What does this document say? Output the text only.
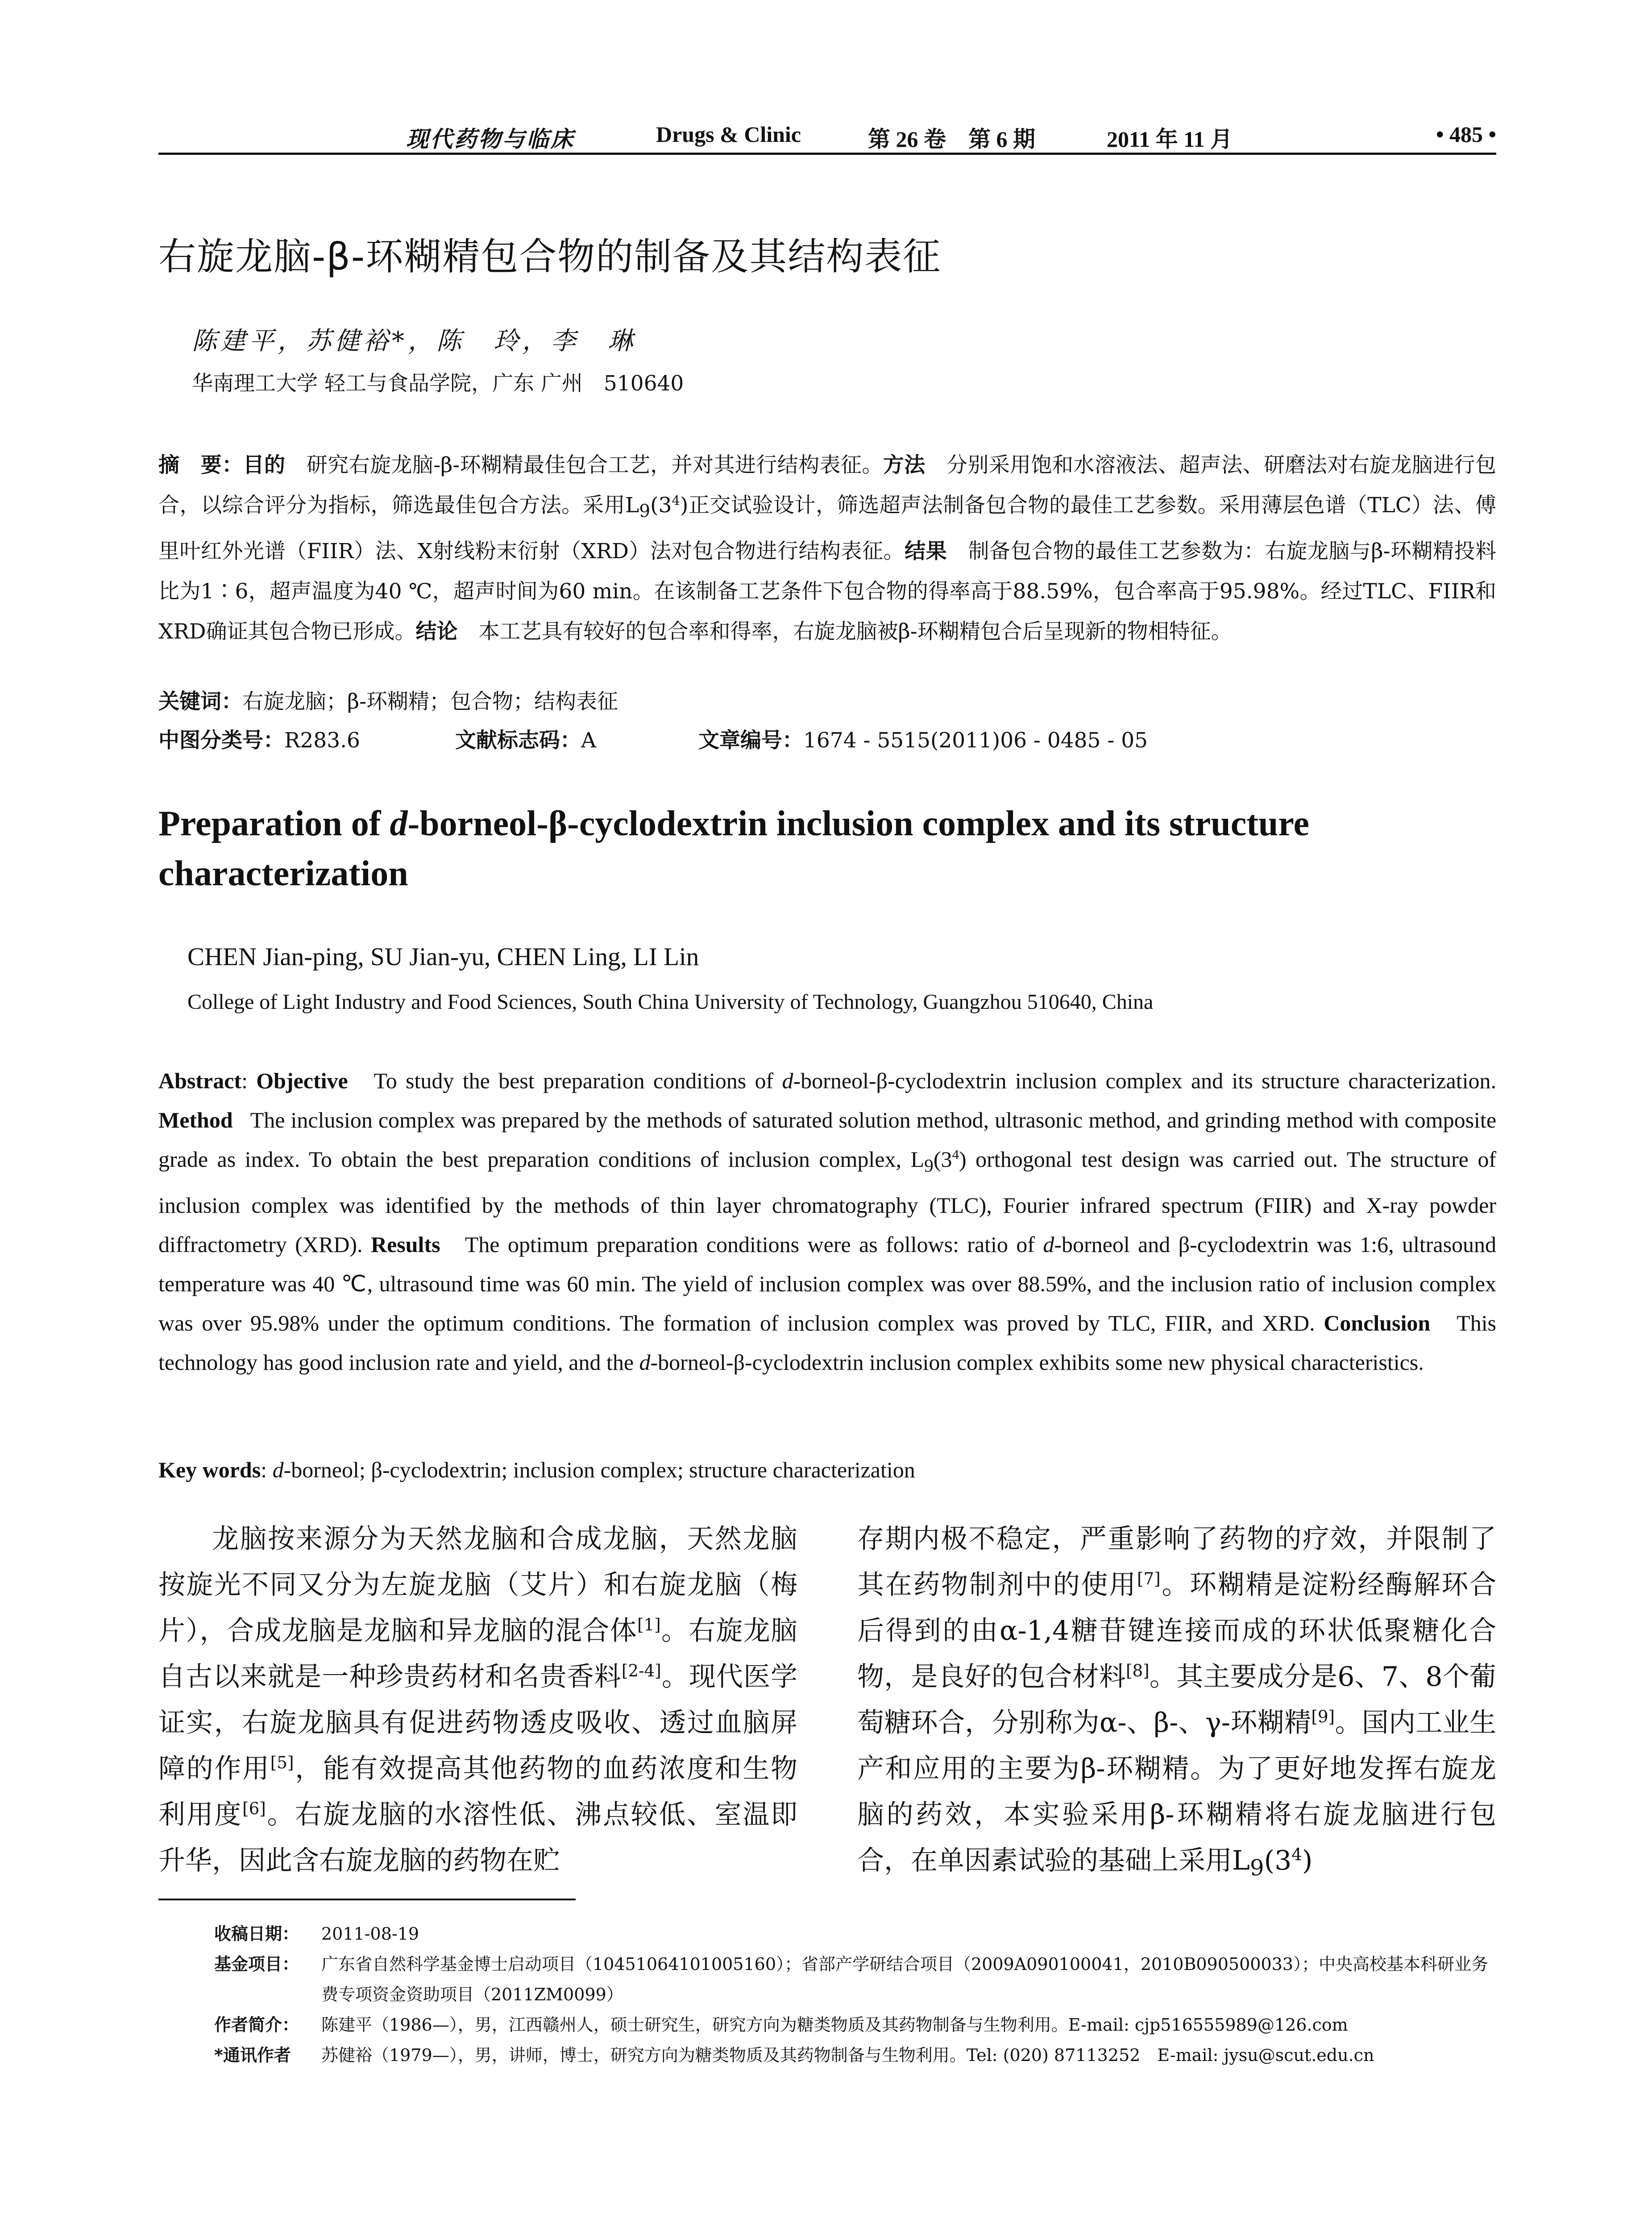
现代药物与临床	Drugs & Clinic	第 26 卷　第 6 期	2011 年 11 月	• 485 •
右旋龙脑-β-环糊精包合物的制备及其结构表征
陈建平，苏健裕*，陈　玲，李　琳
华南理工大学 轻工与食品学院，广东 广州　510640
摘　要：目的　 研究右旋龙脑-β-环糊精最佳包合工艺，并对其进行结构表征。方法　 分别采用饱和水溶液法、超声法、研磨法对右旋龙脑进行包合，以综合评分为指标，筛选最佳包合方法。采用$L_9(3^4)$正交试验设计，筛选超声法制备包合物的最佳工艺参数。采用薄层色谱（TLC）法、傅里叶红外光谱（FIIR）法、X射线粉末衍射（XRD）法对包合物进行结构表征。结果　 制备包合物的最佳工艺参数为：右旋龙脑与β-环糊精投料比为1∶6，超声温度为40 ℃，超声时间为60 min。在该制备工艺条件下包合物的得率高于88.59%，包合率高于95.98%。经过TLC、FIIR和XRD确证其包合物已形成。结论　 本工艺具有较好的包合率和得率，右旋龙脑被β-环糊精包合后呈现新的物相特征。
关键词：右旋龙脑；β-环糊精；包合物；结构表征
中图分类号：R283.6	文献标志码：A	文章编号：1674 - 5515(2011)06 - 0485 - 05
Preparation of d-borneol-β-cyclodextrin inclusion complex and its structure characterization
CHEN Jian-ping, SU Jian-yu, CHEN Ling, LI Lin
College of Light Industry and Food Sciences, South China University of Technology, Guangzhou 510640, China
Abstract: Objective To study the best preparation conditions of d-borneol-β-cyclodextrin inclusion complex and its structure characterization. Method The inclusion complex was prepared by the methods of saturated solution method, ultrasonic method, and grinding method with composite grade as index. To obtain the best preparation conditions of inclusion complex, $L_9(3^4)$ orthogonal test design was carried out. The structure of inclusion complex was identified by the methods of thin layer chromatography (TLC), Fourier infrared spectrum (FIIR) and X-ray powder diffractometry (XRD). Results The optimum preparation conditions were as follows: ratio of d-borneol and β-cyclodextrin was 1:6, ultrasound temperature was 40 ℃, ultrasound time was 60 min. The yield of inclusion complex was over 88.59%, and the inclusion ratio of inclusion complex was over 95.98% under the optimum conditions. The formation of inclusion complex was proved by TLC, FIIR, and XRD. Conclusion This technology has good inclusion rate and yield, and the d-borneol-β-cyclodextrin inclusion complex exhibits some new physical characteristics.
Key words: d-borneol; β-cyclodextrin; inclusion complex; structure characterization
龙脑按来源分为天然龙脑和合成龙脑，天然龙脑按旋光不同又分为左旋龙脑（艾片）和右旋龙脑（梅片），合成龙脑是龙脑和异龙脑的混合体[1]。右旋龙脑自古以来就是一种珍贵药材和名贵香料[2-4]。现代医学证实，右旋龙脑具有促进药物透皮吸收、透过血脑屏障的作用[5]，能有效提高其他药物的血药浓度和生物利用度[6]。右旋龙脑的水溶性低、沸点较低、室温即升华，因此含右旋龙脑的药物在贮
存期内极不稳定，严重影响了药物的疗效，并限制了其在药物制剂中的使用[7]。环糊精是淀粉经酶解环合后得到的由α-1,4糖苷键连接而成的环状低聚糖化合物，是良好的包合材料[8]。其主要成分是6、7、8个葡萄糖环合，分别称为α-、β-、γ-环糊精[9]。国内工业生产和应用的主要为β-环糊精。为了更好地发挥右旋龙脑的药效，本实验采用β-环糊精将右旋龙脑进行包合，在单因素试验的基础上采用$L_9(3^4)$
收稿日期： 2011-08-19
基金项目： 广东省自然科学基金博士启动项目（10451064101005160）；省部产学研结合项目（2009A090100041，2010B090500033）；中央高校基本科研业务费专项资金资助项目（2011ZM0099）
作者简介： 陈建平（1986—），男，江西赣州人，硕士研究生，研究方向为糖类物质及其药物制备与生物利用。E-mail: cjp516555989@126.com
*通讯作者	苏健裕（1979—），男，讲师，博士，研究方向为糖类物质及其药物制备与生物利用。Tel: (020) 87113252　E-mail: jysu@scut.edu.cn
